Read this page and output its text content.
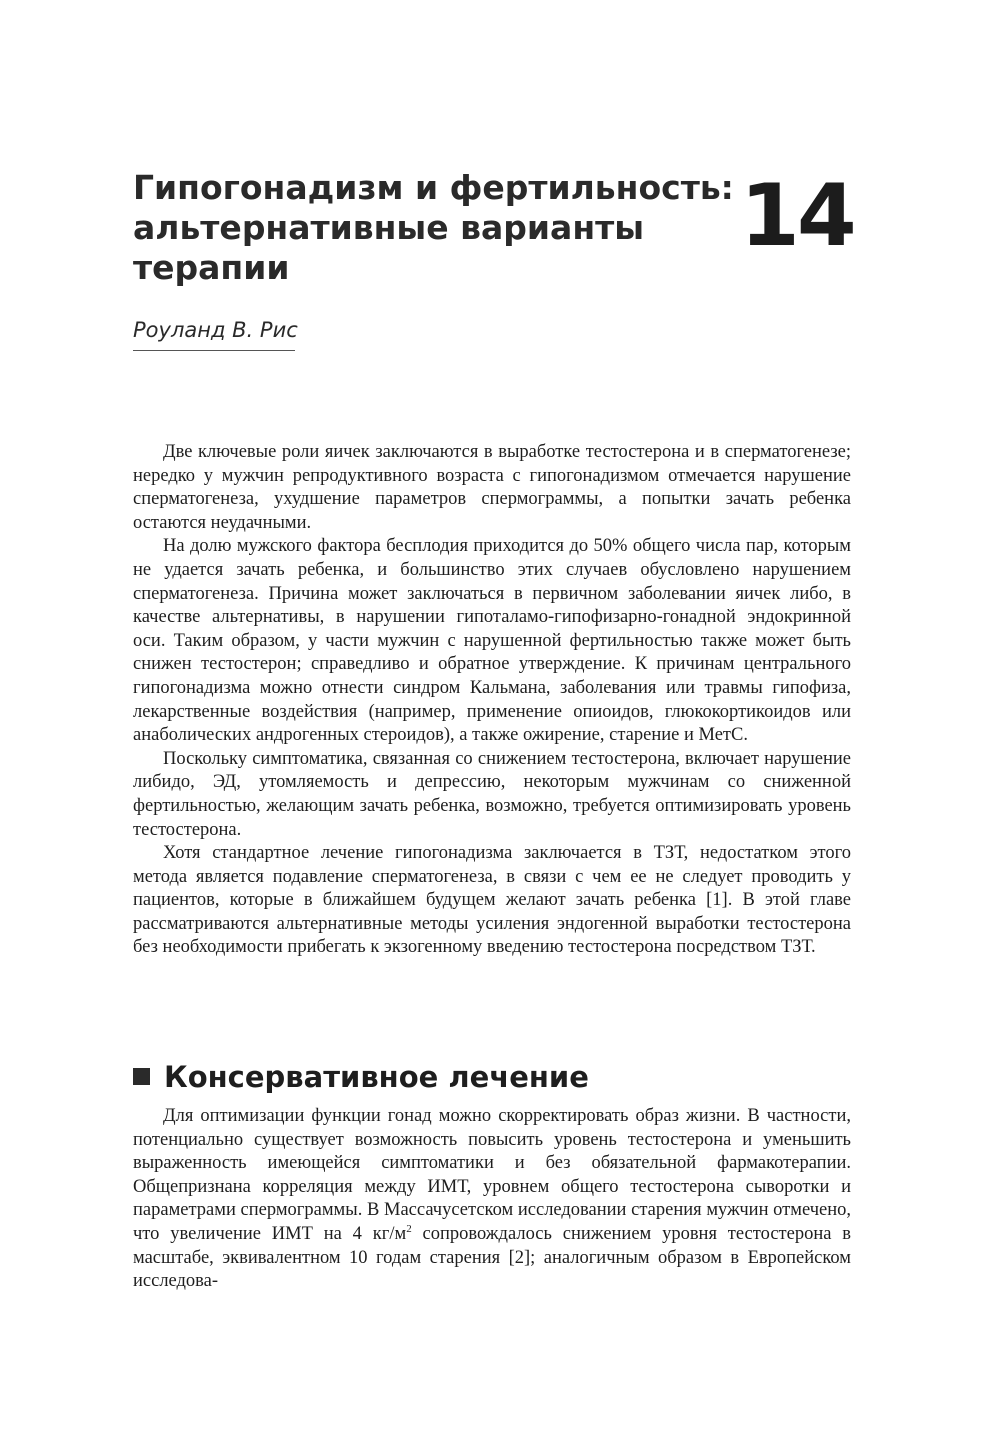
Гипогонадизм и фертильность:
альтернативные варианты
терапии
14
Роуланд В. Рис

Две ключевые роли яичек заключаются в выработке тестостерона и в сперматогенезе; нередко у мужчин репродуктивного возраста с гипогонадизмом отмечается нарушение сперматогенеза, ухудшение параметров спермограммы, а попытки зачать ребенка остаются неудачными.

На долю мужского фактора бесплодия приходится до 50% общего числа пар, которым не удается зачать ребенка, и большинство этих случаев обусловлено нарушением сперматогенеза. Причина может заключаться в первичном заболевании яичек либо, в качестве альтернативы, в нарушении гипоталамо-гипофизарно-гонадной эндокринной оси. Таким образом, у части мужчин с нарушенной фертильностью также может быть снижен тестостерон; справедливо и обратное утверждение. К причинам центрального гипогонадизма можно отнести синдром Кальмана, заболевания или травмы гипофиза, лекарственные воздействия (например, применение опиоидов, глюкокортикоидов или анаболических андрогенных стероидов), а также ожирение, старение и МетС.

Поскольку симптоматика, связанная со снижением тестостерона, включает нарушение либидо, ЭД, утомляемость и депрессию, некоторым мужчинам со сниженной фертильностью, желающим зачать ребенка, возможно, требуется оптимизировать уровень тестостерона.

Хотя стандартное лечение гипогонадизма заключается в ТЗТ, недостатком этого метода является подавление сперматогенеза, в связи с чем ее не следует проводить у пациентов, которые в ближайшем будущем желают зачать ребенка [1]. В этой главе рассматриваются альтернативные методы усиления эндогенной выработки тестостерона без необходимости прибегать к экзогенному введению тестостерона посредством ТЗТ.

Консервативное лечение

Для оптимизации функции гонад можно скорректировать образ жизни. В частности, потенциально существует возможность повысить уровень тестостерона и уменьшить выраженность имеющейся симптоматики и без обязательной фармакотерапии. Общепризнана корреляция между ИМТ, уровнем общего тестостерона сыворотки и параметрами спермограммы. В Массачусетском исследовании старения мужчин отмечено, что увеличение ИМТ на 4 $кг/м^2$ сопровождалось снижением уровня тестостерона в масштабе, эквивалентном 10 годам старения [2]; аналогичным образом в Европейском исследова-
